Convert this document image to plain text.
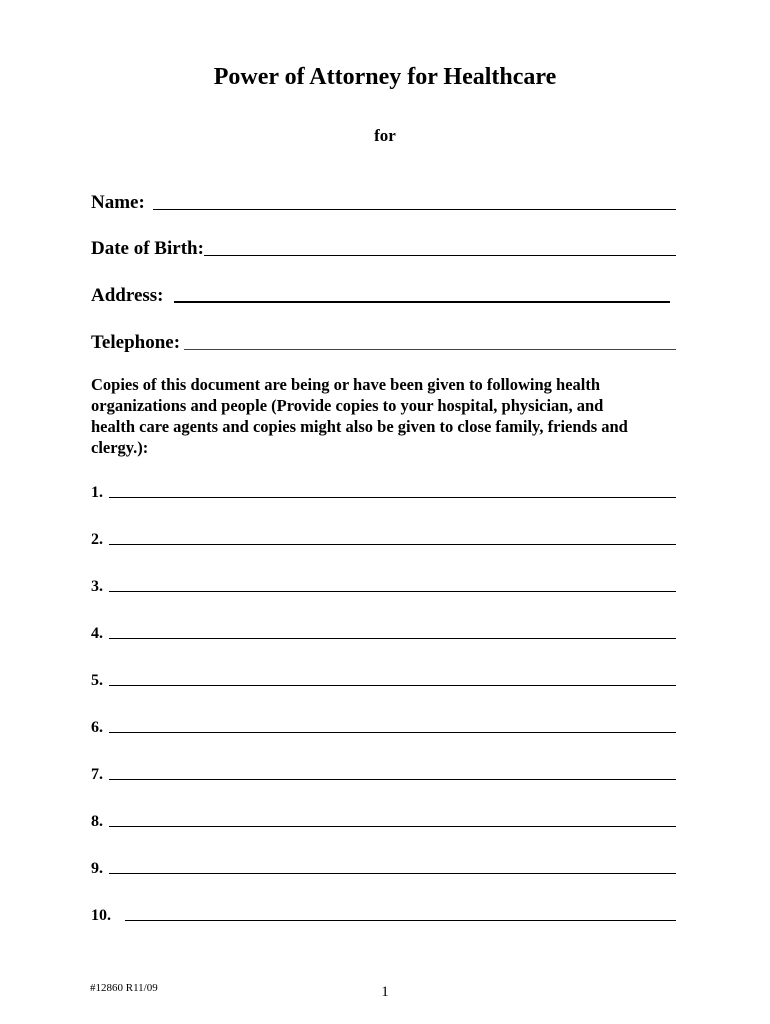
Power of Attorney for Healthcare
for
Name:
Date of Birth:
Address:
Telephone:
Copies of this document are being or have been given to following health organizations and people (Provide copies to your hospital, physician, and health care agents and copies might also be given to close family, friends and clergy.):
1.
2.
3.
4.
5.
6.
7.
8.
9.
10.
#12860 R11/09	1
